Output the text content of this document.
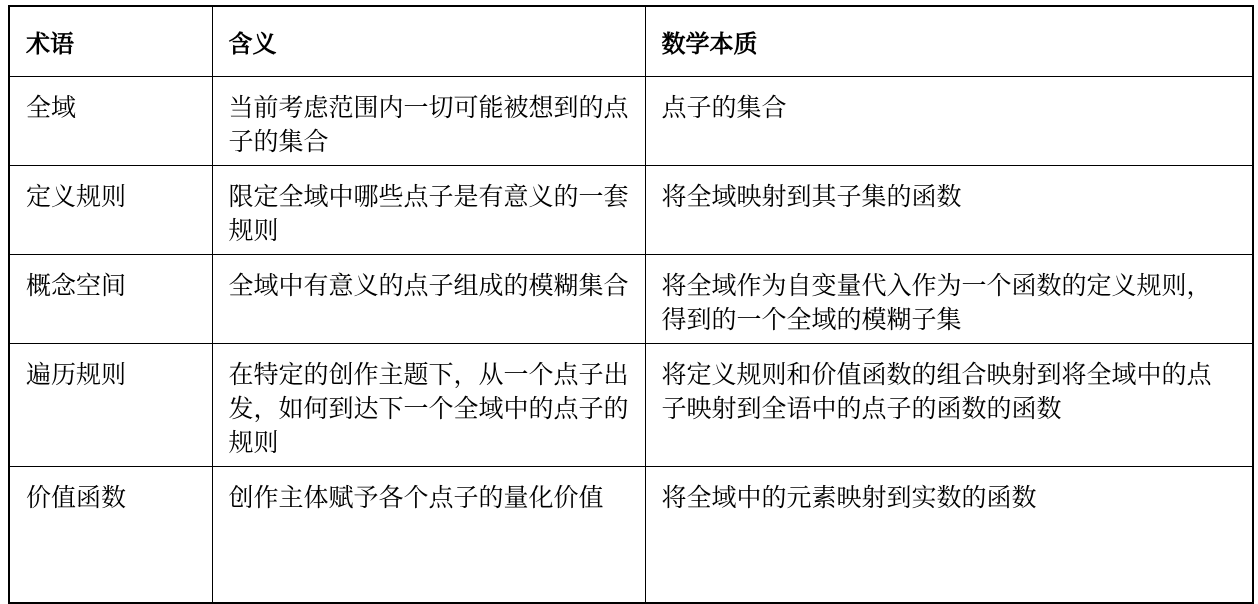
术语	含义	数学本质
全域	当前考虑范围内一切可能被想到的点子的集合	点子的集合
定义规则	限定全域中哪些点子是有意义的一套规则	将全域映射到其子集的函数
概念空间	全域中有意义的点子组成的模糊集合	将全域作为自变量代入作为一个函数的定义规则，得到的一个全域的模糊子集
遍历规则	在特定的创作主题下，从一个点子出发，如何到达下一个全域中的点子的规则	将定义规则和价值函数的组合映射到将全域中的点子映射到全语中的点子的函数的函数
价值函数	创作主体赋予各个点子的量化价值	将全域中的元素映射到实数的函数
